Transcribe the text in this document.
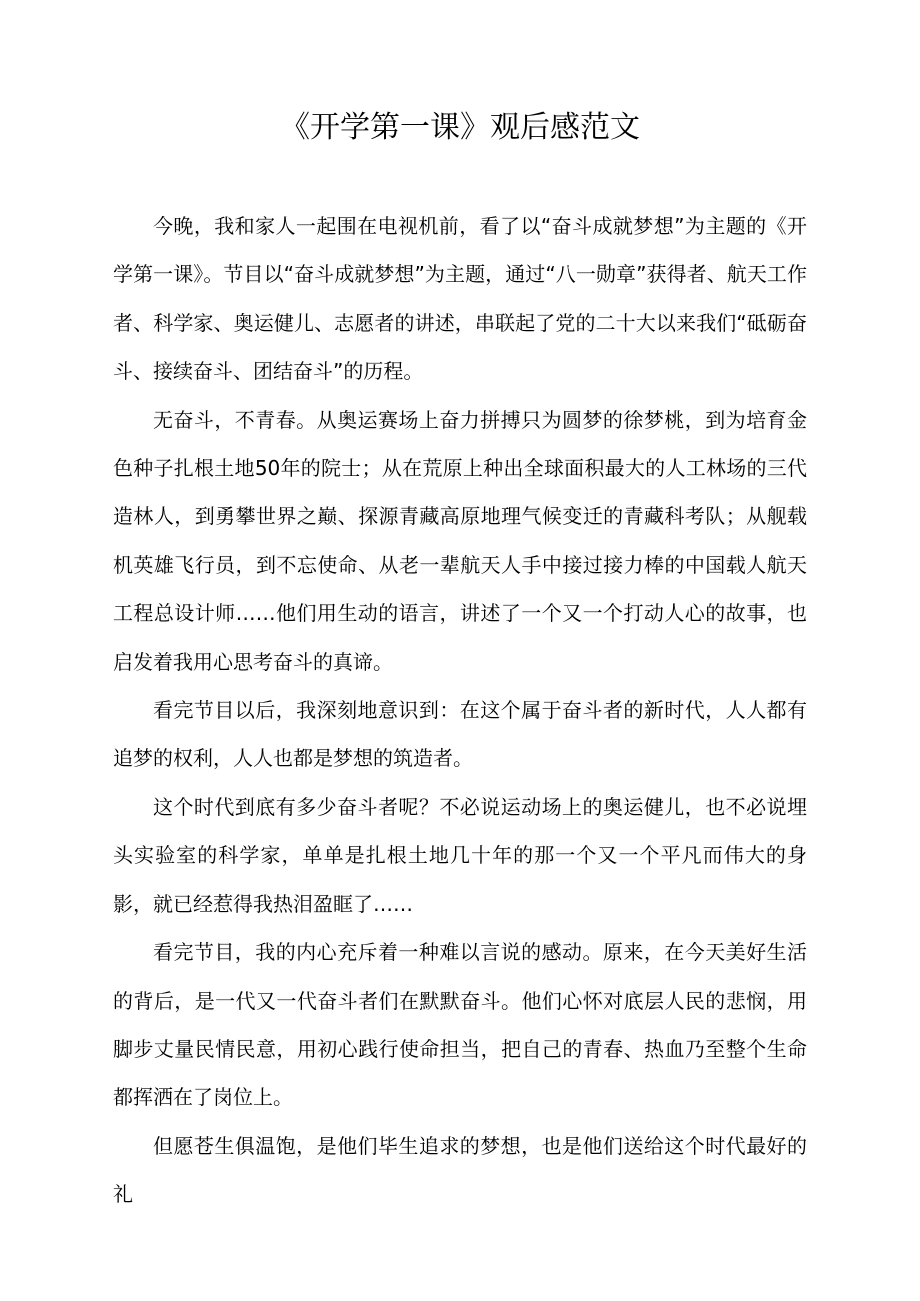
《开学第一课》观后感范文

今晚，我和家人一起围在电视机前，看了以“奋斗成就梦想”为主题的《开学第一课》。节目以“奋斗成就梦想”为主题，通过“八一勋章”获得者、航天工作者、科学家、奥运健儿、志愿者的讲述，串联起了党的二十大以来我们“砥砺奋斗、接续奋斗、团结奋斗”的历程。

无奋斗，不青春。从奥运赛场上奋力拼搏只为圆梦的徐梦桃，到为培育金色种子扎根土地50年的院士；从在荒原上种出全球面积最大的人工林场的三代造林人，到勇攀世界之巅、探源青藏高原地理气候变迁的青藏科考队；从舰载机英雄飞行员，到不忘使命、从老一辈航天人手中接过接力棒的中国载人航天工程总设计师……他们用生动的语言，讲述了一个又一个打动人心的故事，也启发着我用心思考奋斗的真谛。

看完节目以后，我深刻地意识到：在这个属于奋斗者的新时代，人人都有追梦的权利，人人也都是梦想的筑造者。

这个时代到底有多少奋斗者呢？不必说运动场上的奥运健儿，也不必说埋头实验室的科学家，单单是扎根土地几十年的那一个又一个平凡而伟大的身影，就已经惹得我热泪盈眶了……

看完节目，我的内心充斥着一种难以言说的感动。原来，在今天美好生活的背后，是一代又一代奋斗者们在默默奋斗。他们心怀对底层人民的悲悯，用脚步丈量民情民意，用初心践行使命担当，把自己的青春、热血乃至整个生命都挥洒在了岗位上。

但愿苍生俱温饱，是他们毕生追求的梦想，也是他们送给这个时代最好的礼
